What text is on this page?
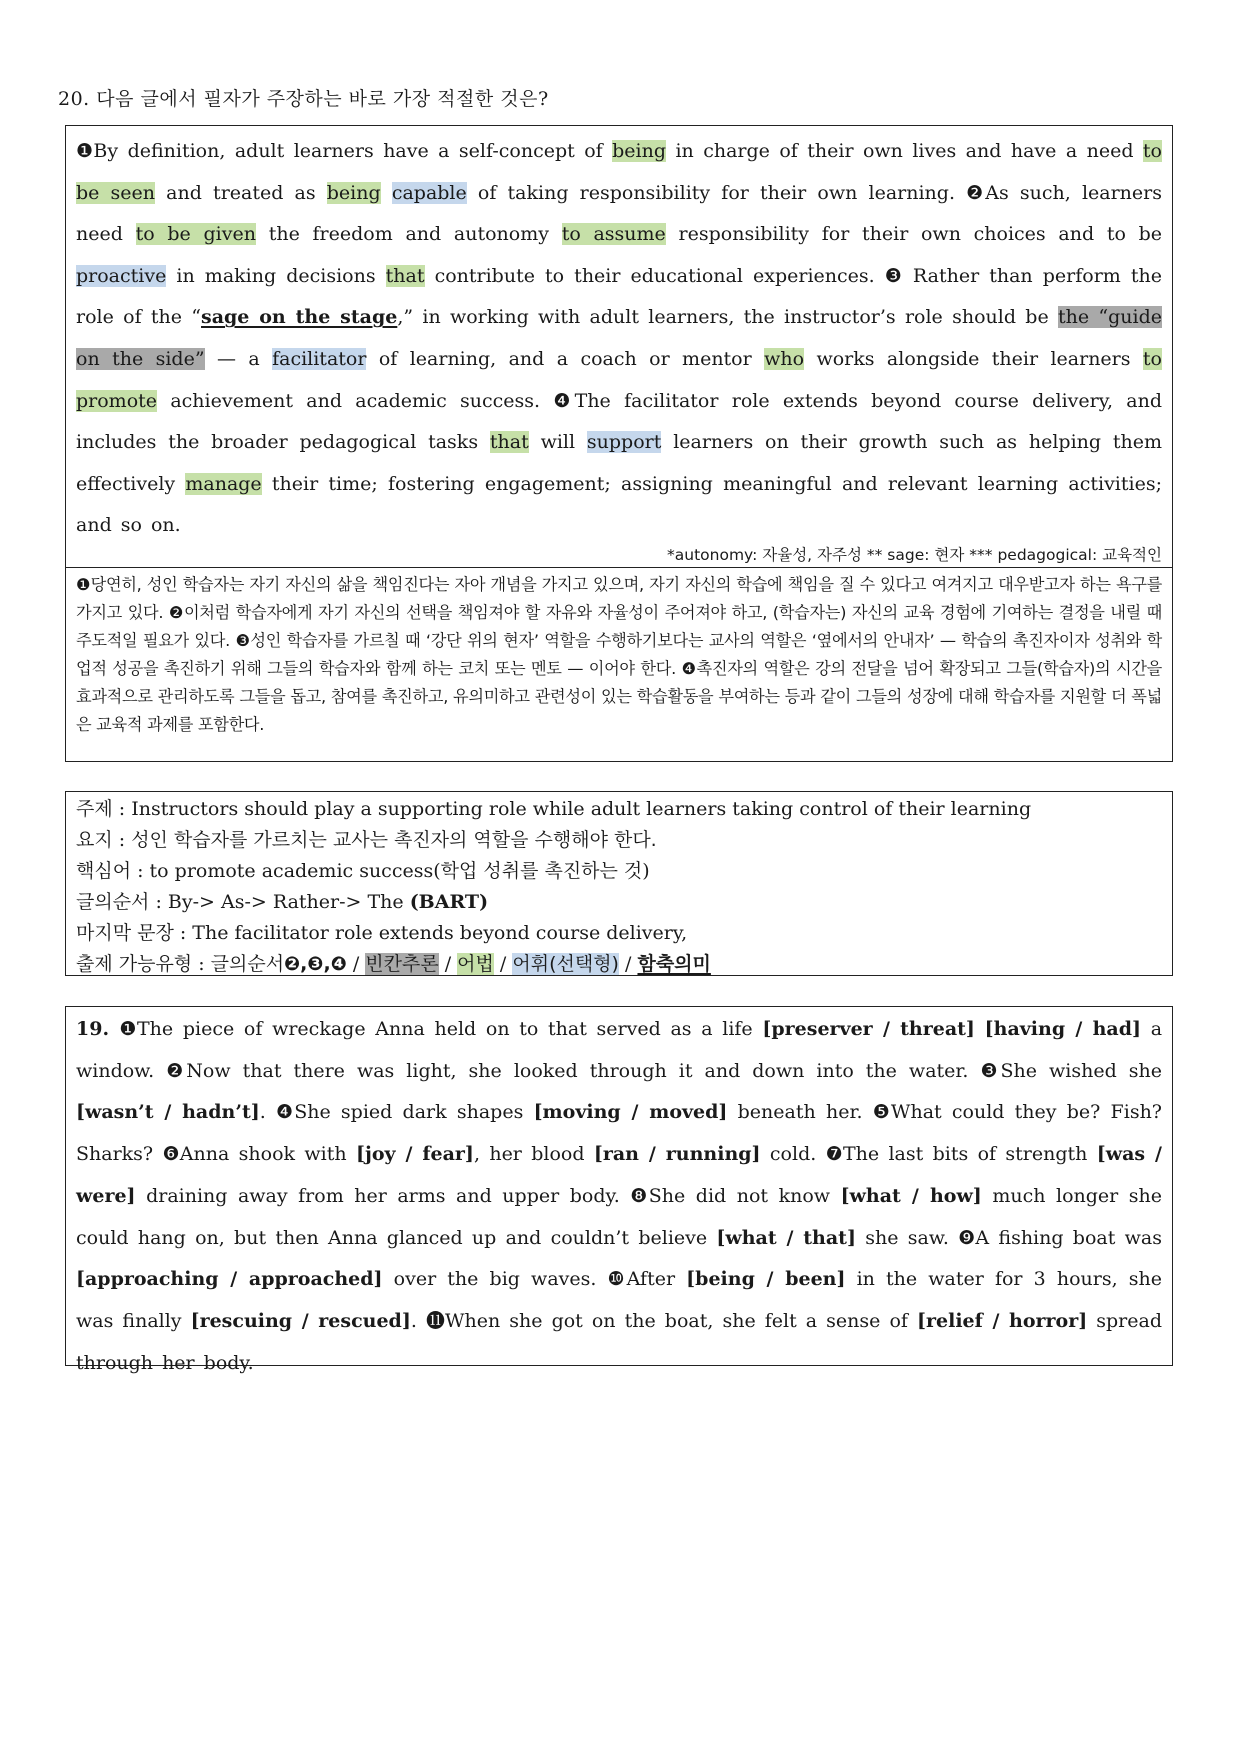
20. 다음 글에서 필자가 주장하는 바로 가장 적절한 것은?
❶By definition, adult learners have a self-concept of being in charge of their own lives and have a need to be seen and treated as being capable of taking responsibility for their own learning. ❷As such, learners need to be given the freedom and autonomy to assume responsibility for their own choices and to be proactive in making decisions that contribute to their educational experiences. ❸ Rather than perform the role of the “sage on the stage,” in working with adult learners, the instructor’s role should be the “guide on the side” — a facilitator of learning, and a coach or mentor who works alongside their learners to promote achievement and academic success. ❹The facilitator role extends beyond course delivery, and includes the broader pedagogical tasks that will support learners on their growth such as helping them effectively manage their time; fostering engagement; assigning meaningful and relevant learning activities; and so on.
*autonomy: 자율성, 자주성 ** sage: 현자 *** pedagogical: 교육적인
❶당연히, 성인 학습자는 자기 자신의 삶을 책임진다는 자아 개념을 가지고 있으며, 자기 자신의 학습에 책임을 질 수 있다고 여겨지고 대우받고자 하는 욕구를 가지고 있다. ❷이처럼 학습자에게 자기 자신의 선택을 책임져야 할 자유와 자율성이 주어져야 하고, (학습자는) 자신의 교육 경험에 기여하는 결정을 내릴 때 주도적일 필요가 있다. ❸성인 학습자를 가르칠 때 ‘강단 위의 현자’ 역할을 수행하기보다는 교사의 역할은 ‘옆에서의 안내자’ — 학습의 촉진자이자 성취와 학업적 성공을 촉진하기 위해 그들의 학습자와 함께 하는 코치 또는 멘토 — 이어야 한다. ❹촉진자의 역할은 강의 전달을 넘어 확장되고 그들(학습자)의 시간을 효과적으로 관리하도록 그들을 돕고, 참여를 촉진하고, 유의미하고 관련성이 있는 학습활동을 부여하는 등과 같이 그들의 성장에 대해 학습자를 지원할 더 폭넓은 교육적 과제를 포함한다.
주제 : Instructors should play a supporting role while adult learners taking control of their learning
요지 : 성인 학습자를 가르치는 교사는 촉진자의 역할을 수행해야 한다.
핵심어 : to promote academic success(학업 성취를 촉진하는 것)
글의순서 : By-> As-> Rather-> The (BART)
마지막 문장 : The facilitator role extends beyond course delivery,
출제 가능유형 : 글의순서❷,❸,❹ / 빈칸추론 / 어법 / 어휘(선택형) / 함축의미
19. ❶The piece of wreckage Anna held on to that served as a life [preserver / threat] [having / had] a window. ❷Now that there was light, she looked through it and down into the water. ❸She wished she [wasn’t / hadn’t]. ❹She spied dark shapes [moving / moved] beneath her. ❺What could they be? Fish? Sharks? ❻Anna shook with [joy / fear], her blood [ran / running] cold. ❼The last bits of strength [was / were] draining away from her arms and upper body. ❽She did not know [what / how] much longer she could hang on, but then Anna glanced up and couldn’t believe [what / that] she saw. ❾A fishing boat was [approaching / approached] over the big waves. ❿After [being / been] in the water for 3 hours, she was finally [rescuing / rescued]. ⓫When she got on the boat, she felt a sense of [relief / horror] spread through her body.
